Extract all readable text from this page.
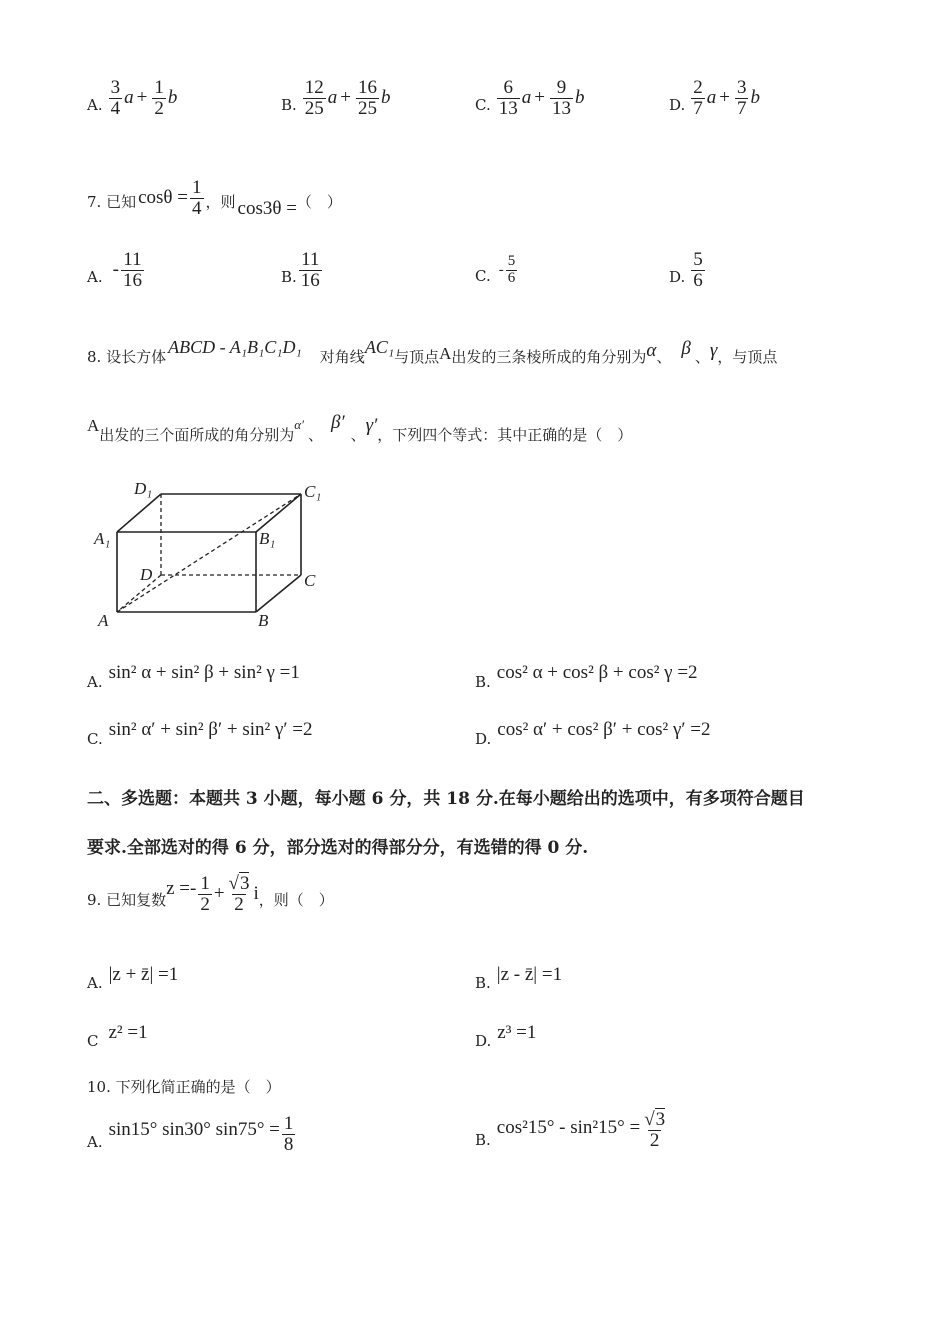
A. $\frac{3}{4}$ $a + \frac{1}{2}$ b	B. $\frac{12}{25}$ $a + \frac{16}{25}$ b	C. $\frac{6}{13}$ $a + \frac{9}{13}$ b	D. $\frac{2}{7}$ $a + \frac{3}{7}$ b
7. 已知 $\cos\theta = \frac{1}{4}$ ，则 cos3θ = （　）
A. - $\frac{11}{16}$	B. $\frac{11}{16}$	C. - $\frac{5}{6}$	D. $\frac{5}{6}$
8. 设长方体 ABCD - A₁B₁C₁D₁ 对角线 AC₁ 与顶点 A 出发的三条棱所成的角分别为 α 、 β 、 γ ，与顶点
A
出发的三个面所成的角分别为
α′
、
β′
、 γ′ ，下列四个等式：其中正确的是（　）
D₁	C₁
A₁	B₁
D	C
A	B
A. sin² α + sin² β + sin² γ =1	B. cos² α + cos² β + cos² γ =2
C. sin² α′ + sin² β′ + sin² γ′ =2	D. cos² α′ + cos² β′ + cos² γ′ =2
二、多选题：本题共 3 小题，每小题 6 分，共 18 分.在每小题给出的选项中，有多项符合题目
要求.全部选对的得 6 分，部分选对的得部分分，有选错的得 0 分.
9. 已知复数
$z =- \frac{1}{2} + \frac{√3}{2}$ i ，则（　）
A. |z + z̄| =1	B. |z - z̄| =1
C z² =1	D. z³ =1
10. 下列化简正确的是（　）
A.
sin15° sin30° $\sin 75^\circ = \frac{1}{8}$	B.
$\cos^215^\circ - \sin^215^\circ = \frac{√3}{2}$
